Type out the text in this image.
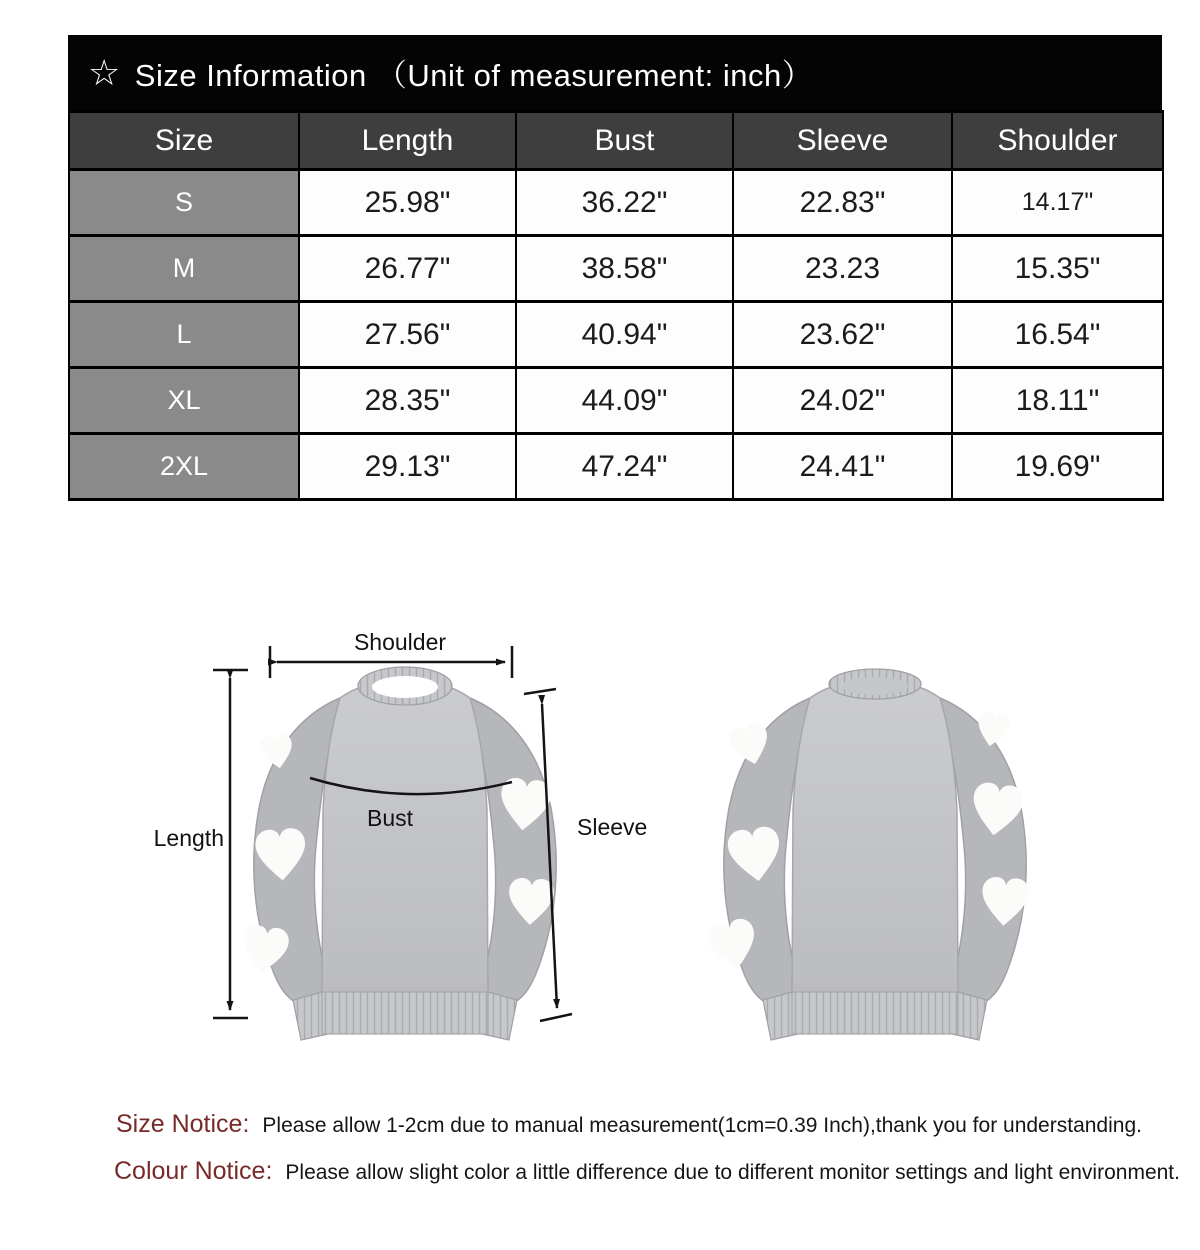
☆ Size Information （Unit of measurement: inch）
Size	Length	Bust	Sleeve	Shoulder
S	25.98"	36.22"	22.83"	14.17"
M	26.77"	38.58"	23.23	15.35"
L	27.56"	40.94"	23.62"	16.54"
XL	28.35"	44.09"	24.02"	18.11"
2XL	29.13"	47.24"	24.41"	19.69"
Shoulder
Length
Bust	Sleeve
Size Notice: Please allow 1-2cm due to manual measurement(1cm=0.39 Inch),thank you for understanding.
Colour Notice: Please allow slight color a little difference due to different monitor settings and light environment.
